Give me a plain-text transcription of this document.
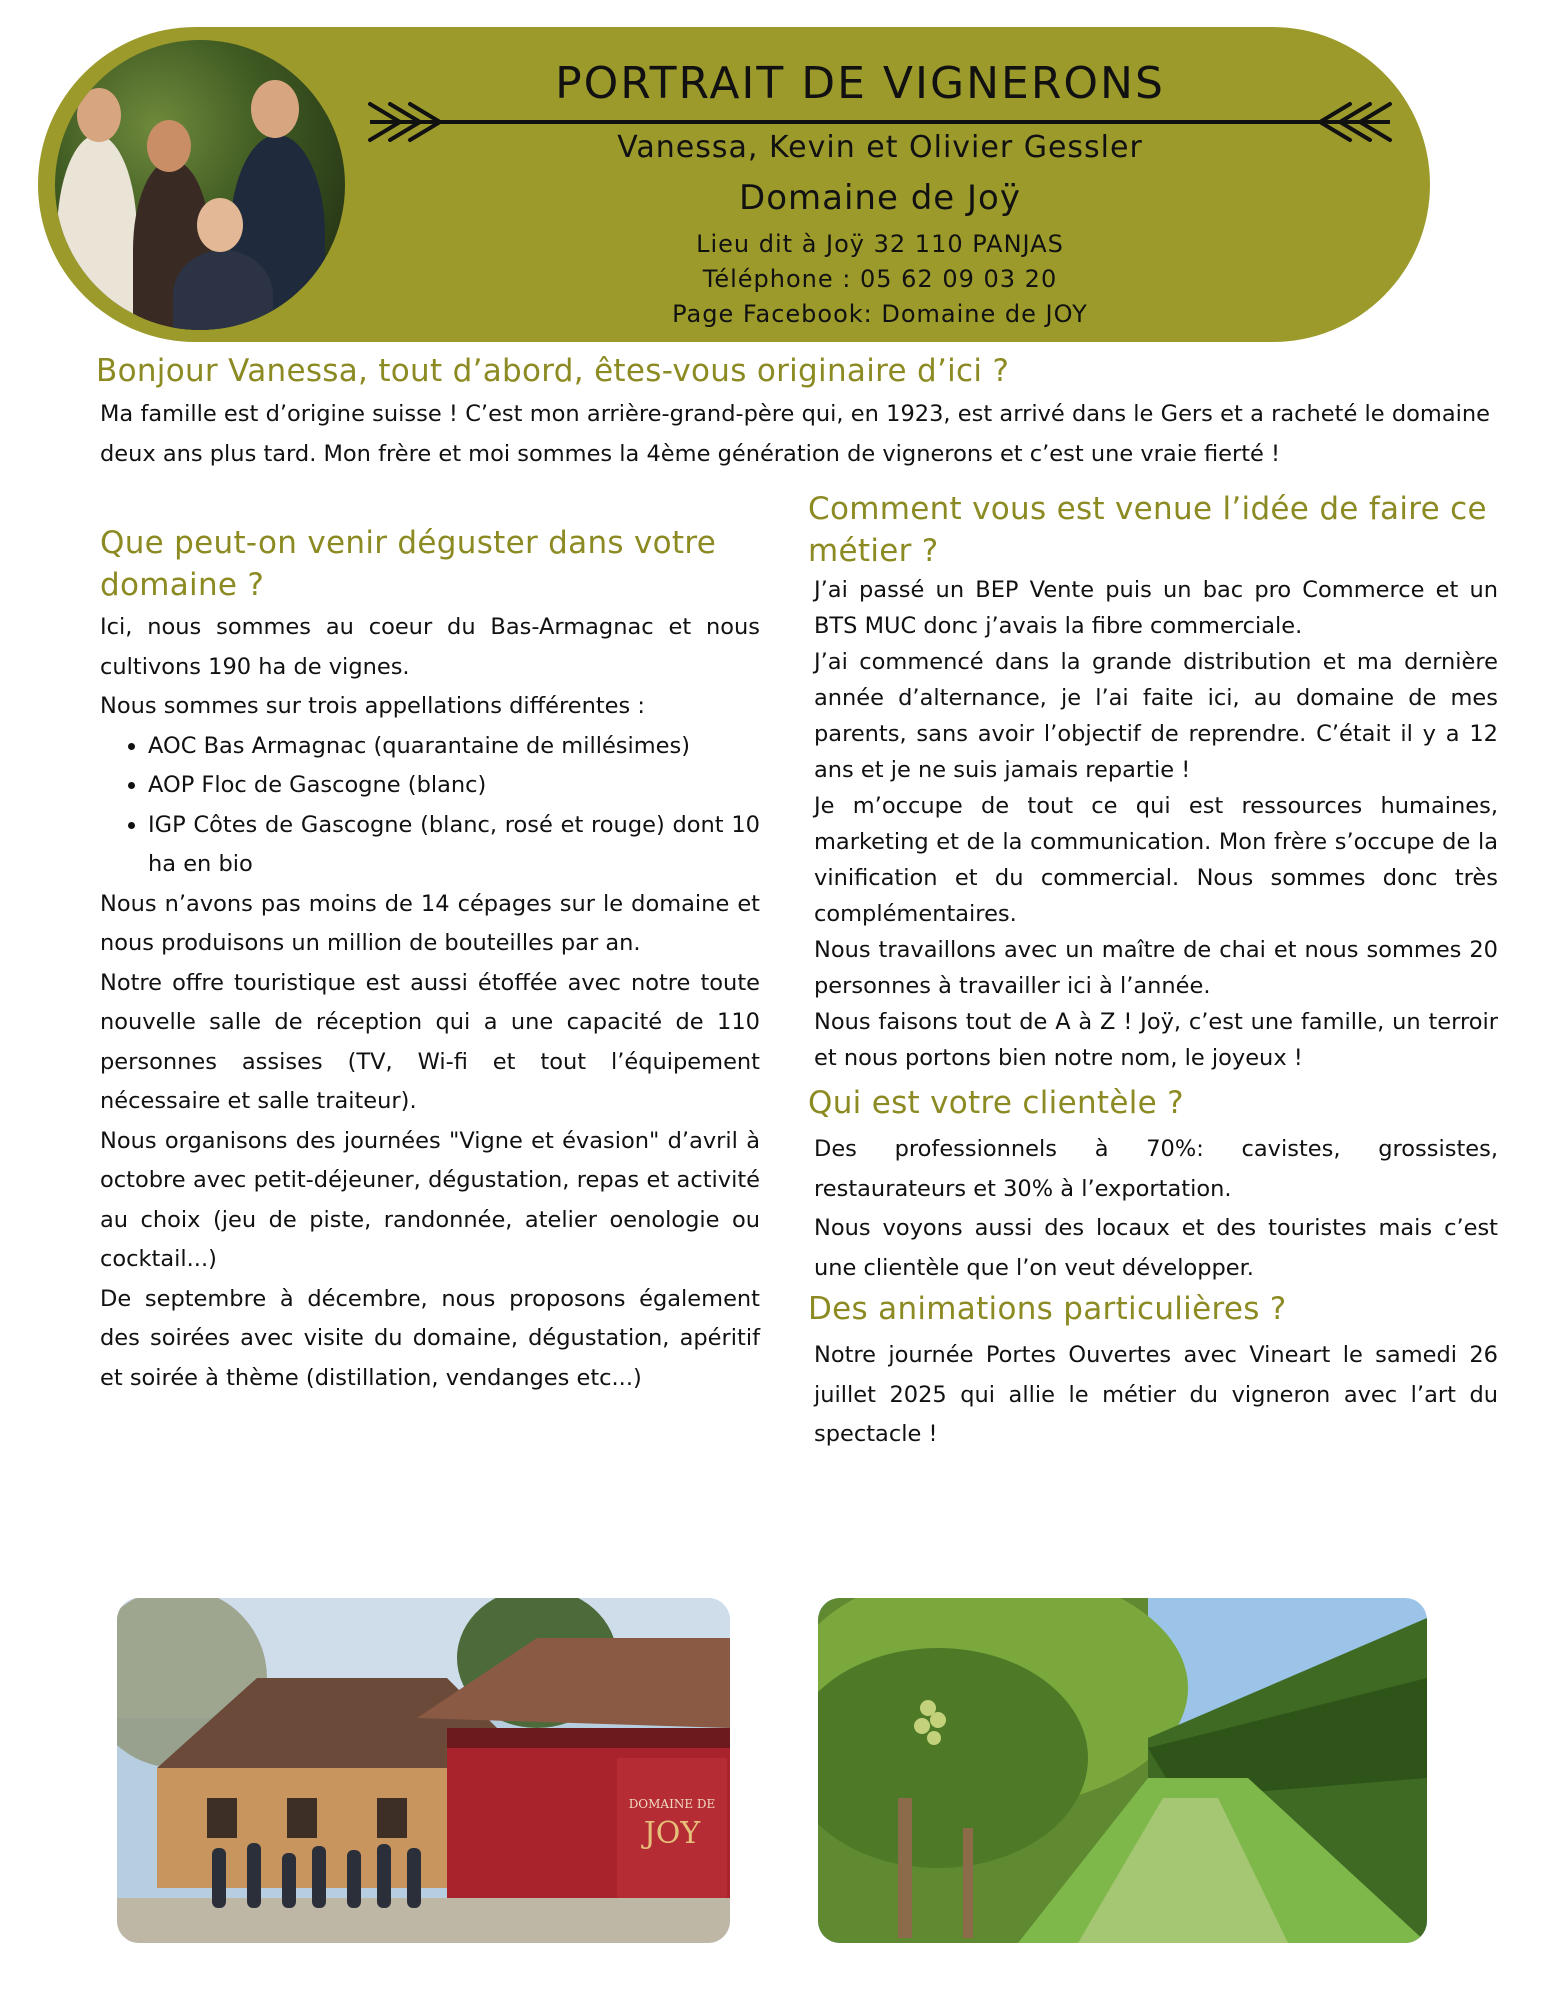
PORTRAIT DE VIGNERONS
Vanessa, Kevin et Olivier Gessler
Domaine de Joÿ
Lieu dit à Joÿ 32 110 PANJAS
Téléphone : 05 62 09 03 20
Page Facebook: Domaine de JOY
Bonjour Vanessa, tout d’abord, êtes-vous originaire d’ici ?

Ma famille est d’origine suisse ! C’est mon arrière-grand-père qui, en 1923, est arrivé dans le Gers et a racheté le domaine deux ans plus tard. Mon frère et moi sommes la 4ème génération de vignerons et c’est une vraie fierté !

Que peut-on venir déguster dans votre domaine ?

Ici, nous sommes au coeur du Bas-Armagnac et nous cultivons 190 ha de vignes.

Nous sommes sur trois appellations différentes :

• AOC Bas Armagnac (quarantaine de millésimes)
• AOP Floc de Gascogne (blanc)
• IGP Côtes de Gascogne (blanc, rosé et rouge) dont 10 ha en bio

Nous n’avons pas moins de 14 cépages sur le domaine et nous produisons un million de bouteilles par an.

Notre offre touristique est aussi étoffée avec notre toute nouvelle salle de réception qui a une capacité de 110 personnes assises (TV, Wi-fi et tout l’équipement nécessaire et salle traiteur).

Nous organisons des journées "Vigne et évasion" d’avril à octobre avec petit-déjeuner, dégustation, repas et activité au choix (jeu de piste, randonnée, atelier oenologie ou cocktail...)

De septembre à décembre, nous proposons également des soirées avec visite du domaine, dégustation, apéritif et soirée à thème (distillation, vendanges etc...)

Comment vous est venue l’idée de faire ce métier ?

J’ai passé un BEP Vente puis un bac pro Commerce et un BTS MUC donc j’avais la fibre commerciale.

J’ai commencé dans la grande distribution et ma dernière année d’alternance, je l’ai faite ici, au domaine de mes parents, sans avoir l’objectif de reprendre. C’était il y a 12 ans et je ne suis jamais repartie !

Je m’occupe de tout ce qui est ressources humaines, marketing et de la communication. Mon frère s’occupe de la vinification et du commercial. Nous sommes donc très complémentaires.

Nous travaillons avec un maître de chai et nous sommes 20 personnes à travailler ici à l’année.

Nous faisons tout de A à Z ! Joÿ, c’est une famille, un terroir et nous portons bien notre nom, le joyeux !

Qui est votre clientèle ?

Des professionnels à 70%: cavistes, grossistes, restaurateurs et 30% à l’exportation.

Nous voyons aussi des locaux et des touristes mais c’est une clientèle que l’on veut développer.

Des animations particulières ?

Notre journée Portes Ouvertes avec Vineart le samedi 26 juillet 2025 qui allie le métier du vigneron avec l’art du spectacle !

DOMAINE DE
JOY
